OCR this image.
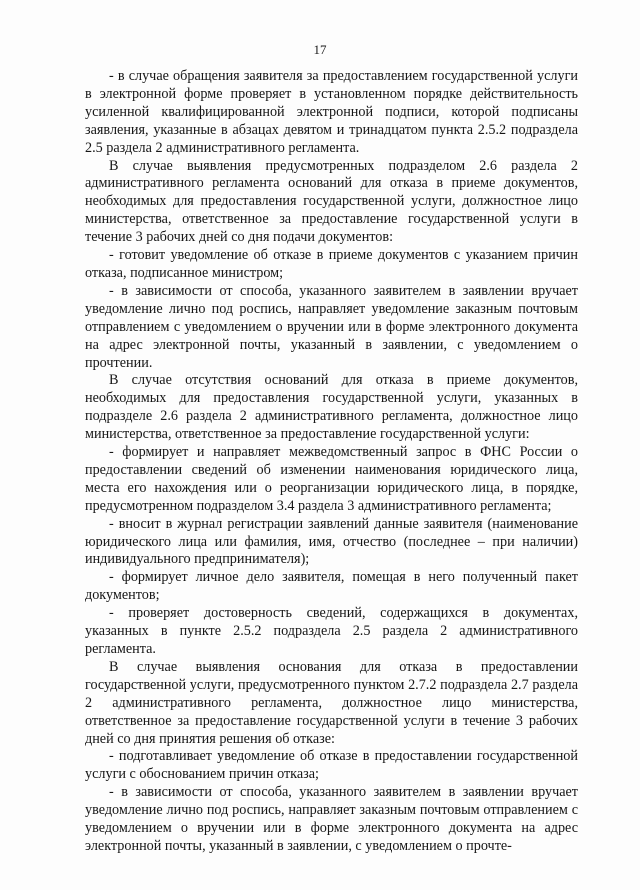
17

- в случае обращения заявителя за предоставлением государственной услуги в электронной форме проверяет в установленном порядке действительность усиленной квалифицированной электронной подписи, которой подписаны заявления, указанные в абзацах девятом и тринадцатом пункта 2.5.2 подраздела 2.5 раздела 2 административного регламента.

В случае выявления предусмотренных подразделом 2.6 раздела 2 административного регламента оснований для отказа в приеме документов, необходимых для предоставления государственной услуги, должностное лицо министерства, ответственное за предоставление государственной услуги в течение 3 рабочих дней со дня подачи документов:

- готовит уведомление об отказе в приеме документов с указанием причин отказа, подписанное министром;

- в зависимости от способа, указанного заявителем в заявлении вручает уведомление лично под роспись, направляет уведомление заказным почтовым отправлением с уведомлением о вручении или в форме электронного документа на адрес электронной почты, указанный в заявлении, с уведомлением о прочтении.

В случае отсутствия оснований для отказа в приеме документов, необходимых для предоставления государственной услуги, указанных в подразделе 2.6 раздела 2 административного регламента, должностное лицо министерства, ответственное за предоставление государственной услуги:

- формирует и направляет межведомственный запрос в ФНС России о предоставлении сведений об изменении наименования юридического лица, места его нахождения или о реорганизации юридического лица, в порядке, предусмотренном подразделом 3.4 раздела 3 административного регламента;

- вносит в журнал регистрации заявлений данные заявителя (наименование юридического лица или фамилия, имя, отчество (последнее – при наличии) индивидуального предпринимателя);

- формирует личное дело заявителя, помещая в него полученный пакет документов;

- проверяет достоверность сведений, содержащихся в документах, указанных в пункте 2.5.2 подраздела 2.5 раздела 2 административного регламента.

В случае выявления основания для отказа в предоставлении государственной услуги, предусмотренного пунктом 2.7.2 подраздела 2.7 раздела 2 административного регламента, должностное лицо министерства, ответственное за предоставление государственной услуги в течение 3 рабочих дней со дня принятия решения об отказе:

- подготавливает уведомление об отказе в предоставлении государственной услуги с обоснованием причин отказа;

- в зависимости от способа, указанного заявителем в заявлении вручает уведомление лично под роспись, направляет заказным почтовым отправлением с уведомлением о вручении или в форме электронного документа на адрес электронной почты, указанный в заявлении, с уведомлением о прочте-
